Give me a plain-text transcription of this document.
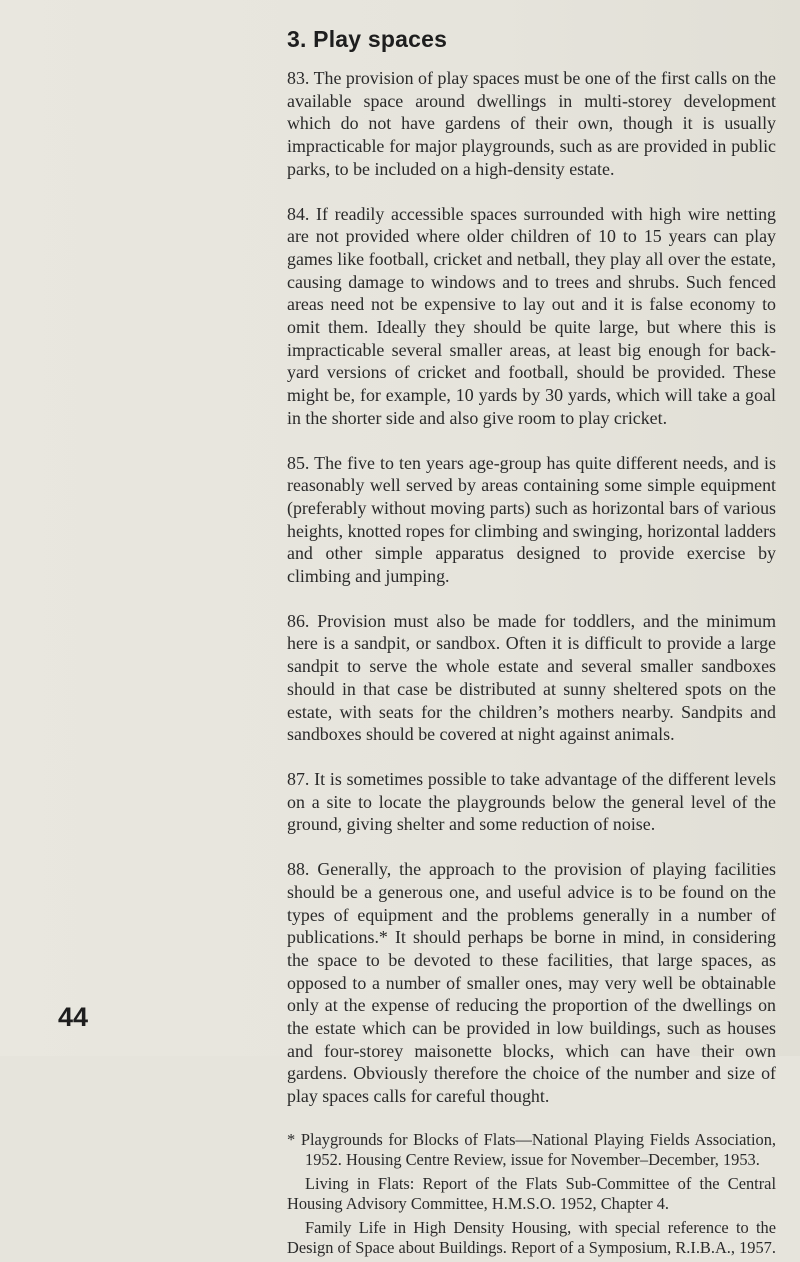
3. Play spaces

83. The provision of play spaces must be one of the first calls on the available space around dwellings in multi-storey development which do not have gardens of their own, though it is usually impracticable for major playgrounds, such as are provided in public parks, to be included on a high-density estate.

84. If readily accessible spaces surrounded with high wire netting are not provided where older children of 10 to 15 years can play games like football, cricket and netball, they play all over the estate, causing damage to windows and to trees and shrubs. Such fenced areas need not be expensive to lay out and it is false economy to omit them. Ideally they should be quite large, but where this is impracticable several smaller areas, at least big enough for back-yard versions of cricket and football, should be provided. These might be, for example, 10 yards by 30 yards, which will take a goal in the shorter side and also give room to play cricket.

85. The five to ten years age-group has quite different needs, and is reasonably well served by areas containing some simple equipment (preferably without moving parts) such as horizontal bars of various heights, knotted ropes for climbing and swinging, horizontal ladders and other simple apparatus designed to provide exercise by climbing and jumping.

86. Provision must also be made for toddlers, and the minimum here is a sandpit, or sandbox. Often it is difficult to provide a large sandpit to serve the whole estate and several smaller sandboxes should in that case be distributed at sunny sheltered spots on the estate, with seats for the children’s mothers nearby. Sandpits and sandboxes should be covered at night against animals.

87. It is sometimes possible to take advantage of the different levels on a site to locate the playgrounds below the general level of the ground, giving shelter and some reduction of noise.

88. Generally, the approach to the provision of playing facilities should be a generous one, and useful advice is to be found on the types of equipment and the problems generally in a number of publications.* It should perhaps be borne in mind, in considering the space to be devoted to these facilities, that large spaces, as opposed to a number of smaller ones, may very well be obtainable only at the expense of reducing the proportion of the dwellings on the estate which can be provided in low buildings, such as houses and four-storey maisonette blocks, which can have their own gardens. Obviously therefore the choice of the number and size of play spaces calls for careful thought.

* Playgrounds for Blocks of Flats—National Playing Fields Association, 1952. Housing Centre Review, issue for November–December, 1953.

Living in Flats: Report of the Flats Sub-Committee of the Central Housing Advisory Committee, H.M.S.O. 1952, Chapter 4.

Family Life in High Density Housing, with special reference to the Design of Space about Buildings. Report of a Symposium, R.I.B.A., 1957.

44
